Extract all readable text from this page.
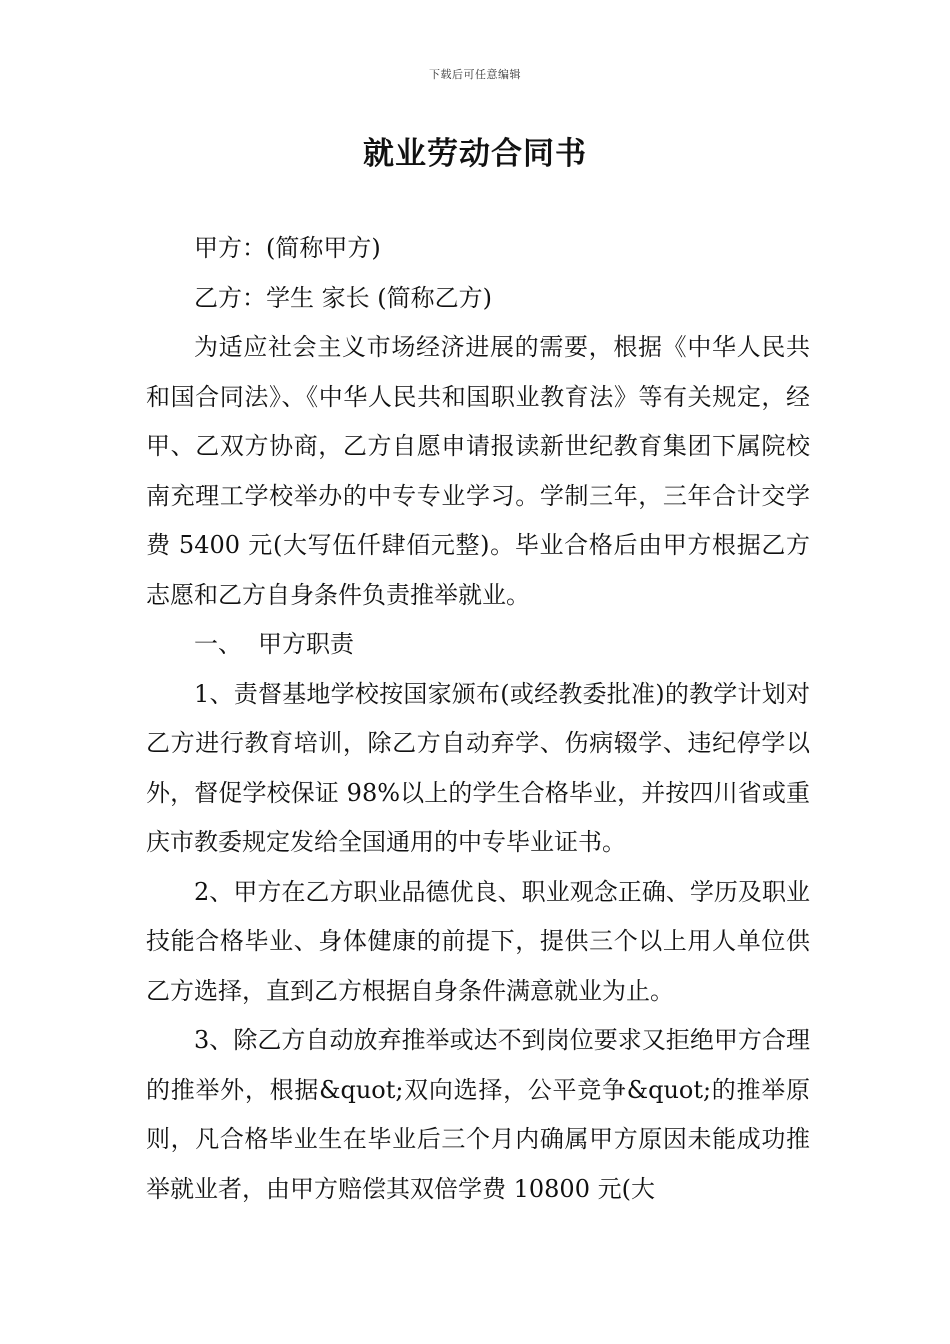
下载后可任意编辑
就业劳动合同书

甲方：(简称甲方)

乙方：学生 家长 (简称乙方)

为适应社会主义市场经济进展的需要，根据《中华人民共和国合同法》、《中华人民共和国职业教育法》等有关规定，经甲、乙双方协商，乙方自愿申请报读新世纪教育集团下属院校南充理工学校举办的中专专业学习。学制三年，三年合计交学费 5400 元(大写伍仟肆佰元整)。毕业合格后由甲方根据乙方志愿和乙方自身条件负责推举就业。

一、 甲方职责

1、责督基地学校按国家颁布(或经教委批准)的教学计划对乙方进行教育培训，除乙方自动弃学、伤病辍学、违纪停学以外，督促学校保证 98%以上的学生合格毕业，并按四川省或重庆市教委规定发给全国通用的中专毕业证书。

2、甲方在乙方职业品德优良、职业观念正确、学历及职业技能合格毕业、身体健康的前提下，提供三个以上用人单位供乙方选择，直到乙方根据自身条件满意就业为止。

3、除乙方自动放弃推举或达不到岗位要求又拒绝甲方合理的推举外，根据&quot;双向选择，公平竞争&quot;的推举原则，凡合格毕业生在毕业后三个月内确属甲方原因未能成功推举就业者，由甲方赔偿其双倍学费 10800 元(大
